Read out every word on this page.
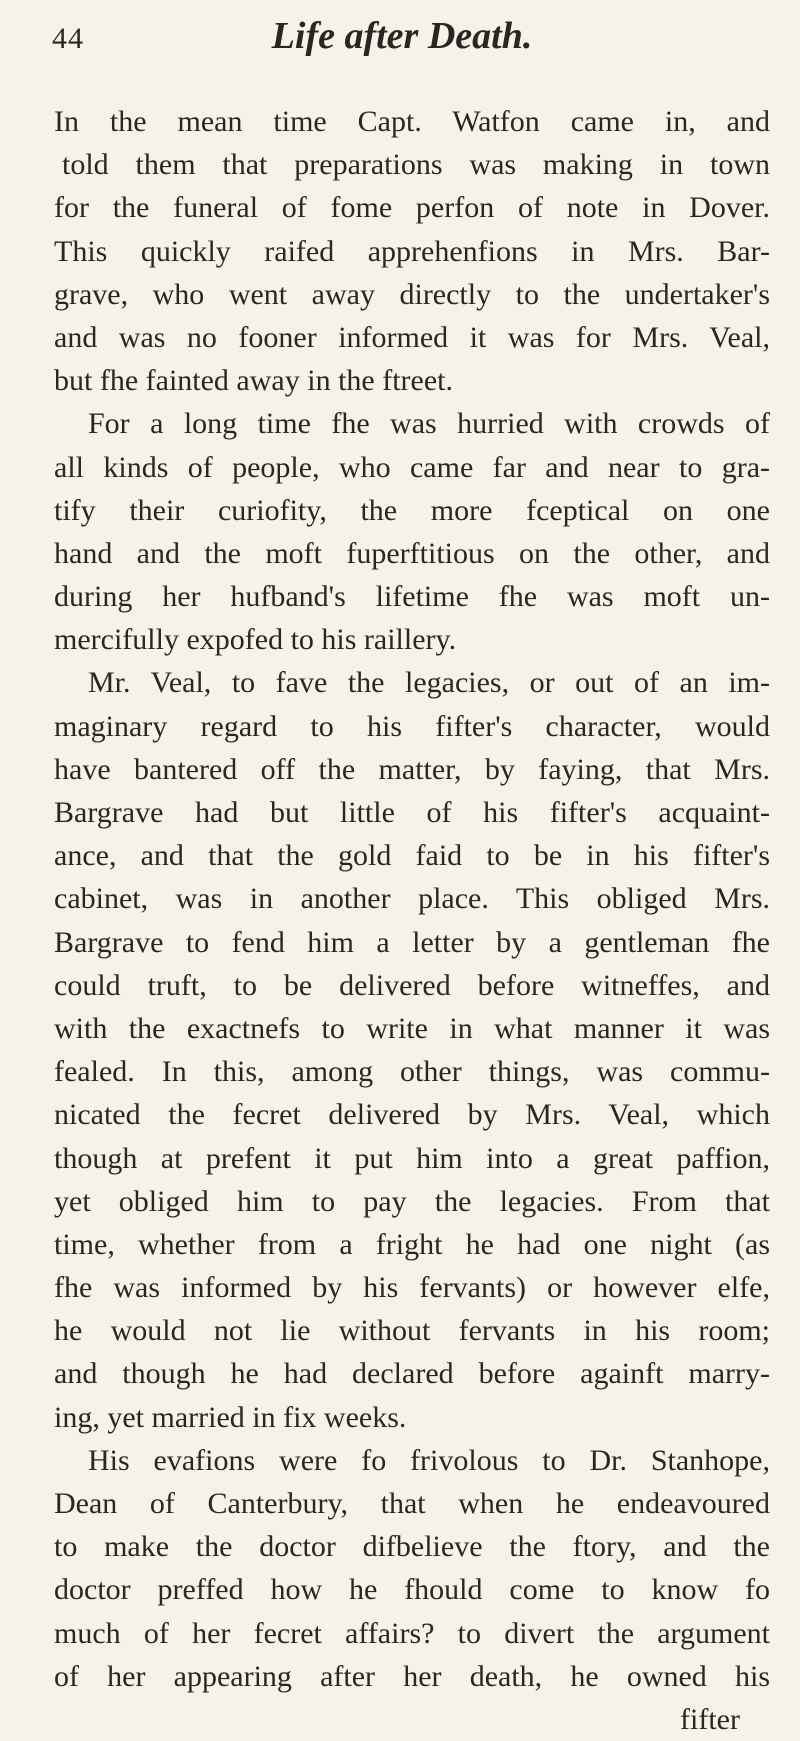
44	Life after Death.
In the mean time Capt. Watfon came in, and
told them that preparations was making in town
for the funeral of fome perfon of note in Dover.
This quickly raifed apprehenfions in Mrs. Bar-
grave, who went away directly to the undertaker's
and was no fooner informed it was for Mrs. Veal,
but fhe fainted away in the ftreet.
For a long time fhe was hurried with crowds of
all kinds of people, who came far and near to gra-
tify their curiofity, the more fceptical on one
hand and the moft fuperftitious on the other, and
during her hufband's lifetime fhe was moft un-
mercifully expofed to his raillery.
Mr. Veal, to fave the legacies, or out of an im-
maginary regard to his fifter's character, would
have bantered off the matter, by faying, that Mrs.
Bargrave had but little of his fifter's acquaint-
ance, and that the gold faid to be in his fifter's
cabinet, was in another place. This obliged Mrs.
Bargrave to fend him a letter by a gentleman fhe
could truft, to be delivered before witneffes, and
with the exactnefs to write in what manner it was
fealed. In this, among other things, was commu-
nicated the fecret delivered by Mrs. Veal, which
though at prefent it put him into a great paffion,
yet obliged him to pay the legacies. From that
time, whether from a fright he had one night (as
fhe was informed by his fervants) or however elfe,
he would not lie without fervants in his room;
and though he had declared before againft marry-
ing, yet married in fix weeks.
His evafions were fo frivolous to Dr. Stanhope,
Dean of Canterbury, that when he endeavoured
to make the doctor difbelieve the ftory, and the
doctor preffed how he fhould come to know fo
much of her fecret affairs? to divert the argument
of her appearing after her death, he owned his
fifter
